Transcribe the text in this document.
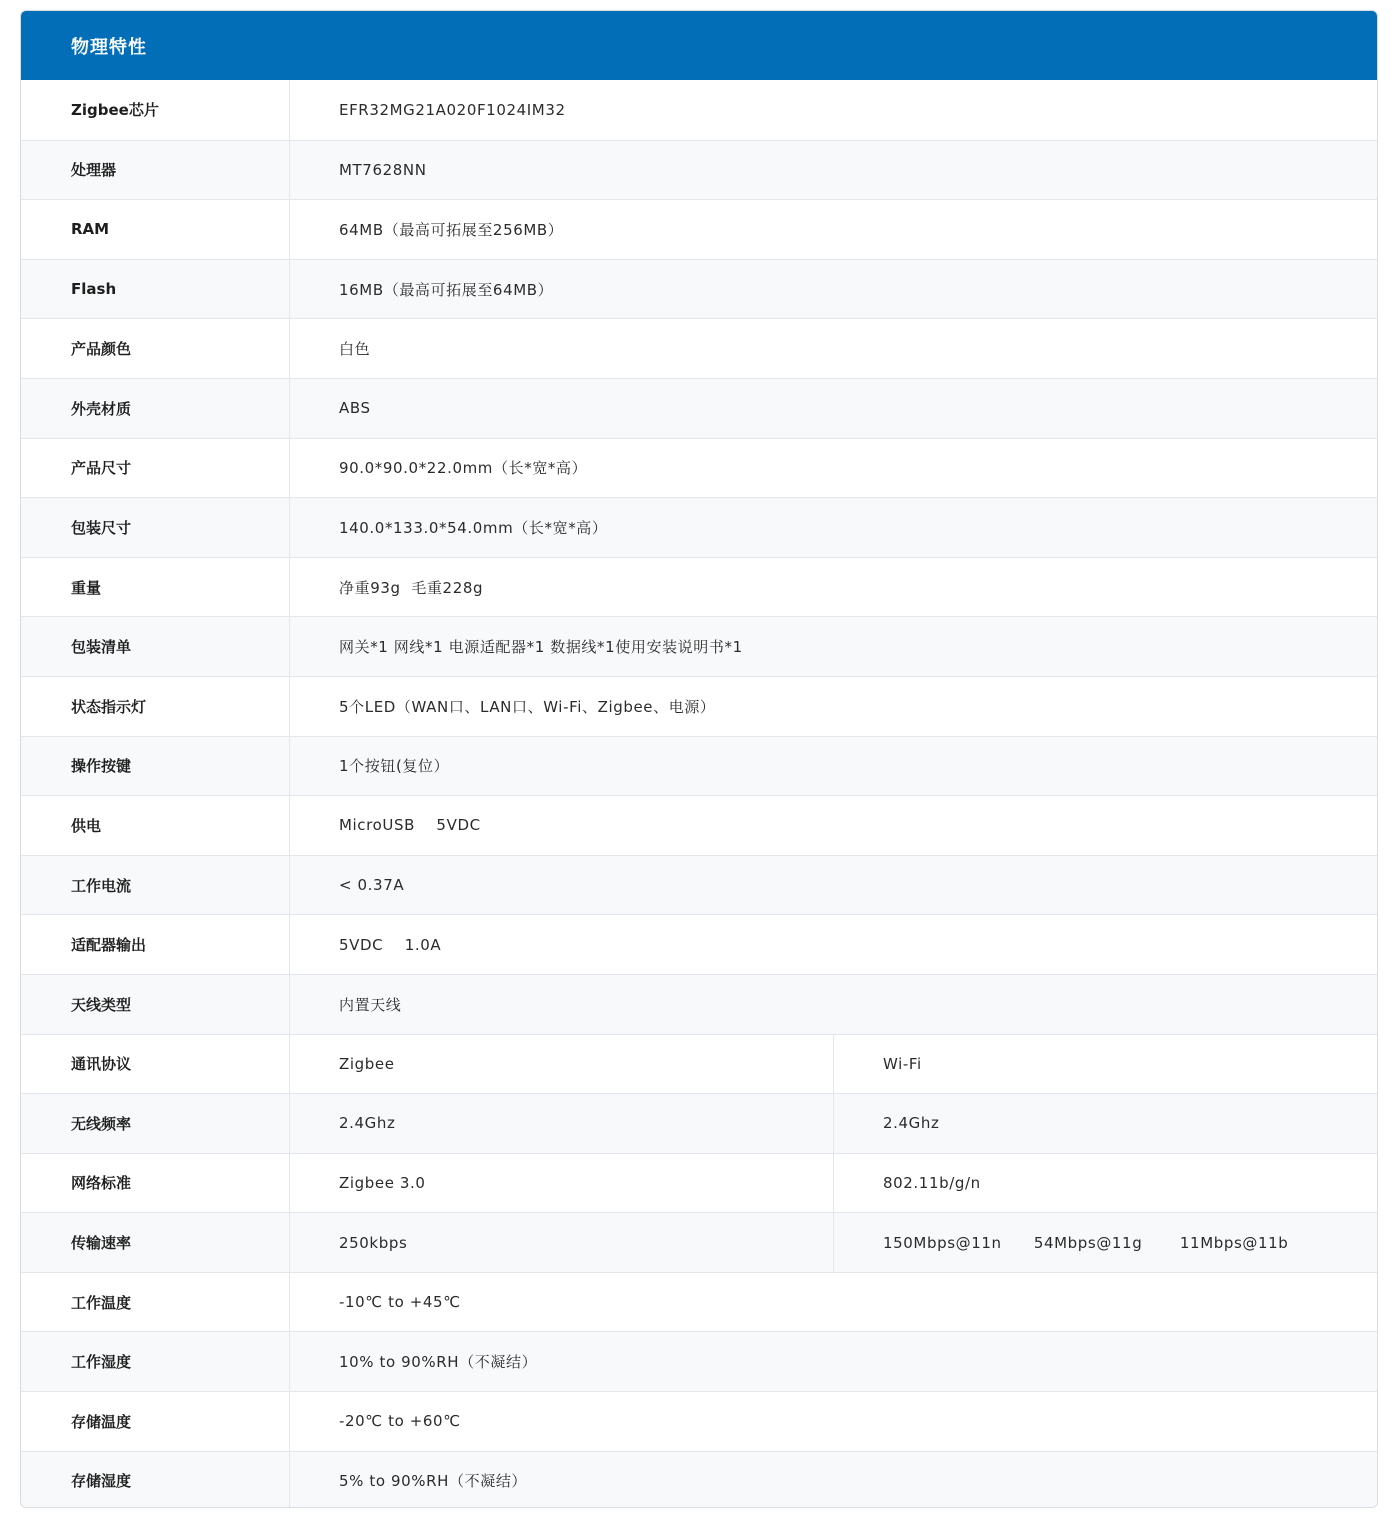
物理特性
Zigbee芯片	EFR32MG21A020F1024IM32
处理器	MT7628NN
RAM	64MB（最高可拓展至256MB）
Flash	16MB（最高可拓展至64MB）
产品颜色	白色
外壳材质	ABS
产品尺寸	90.0*90.0*22.0mm（长*宽*高）
包装尺寸	140.0*133.0*54.0mm（长*宽*高）
重量	净重93g  毛重228g
包装清单	网关*1 网线*1 电源适配器*1 数据线*1使用安装说明书*1
状态指示灯	5个LED（WAN口、LAN口、Wi-Fi、Zigbee、电源）
操作按键	1个按钮(复位）
供电	MicroUSB    5VDC
工作电流	< 0.37A
适配器输出	5VDC    1.0A
天线类型	内置天线
通讯协议	Zigbee	Wi-Fi
无线频率	2.4Ghz	2.4Ghz
网络标准	Zigbee 3.0	802.11b/g/n
传输速率	250kbps	150Mbps@11n      54Mbps@11g       11Mbps@11b
工作温度	-10℃ to +45℃
工作湿度	10% to 90%RH（不凝结）
存储温度	-20℃ to +60℃
存储湿度	5% to 90%RH（不凝结）
